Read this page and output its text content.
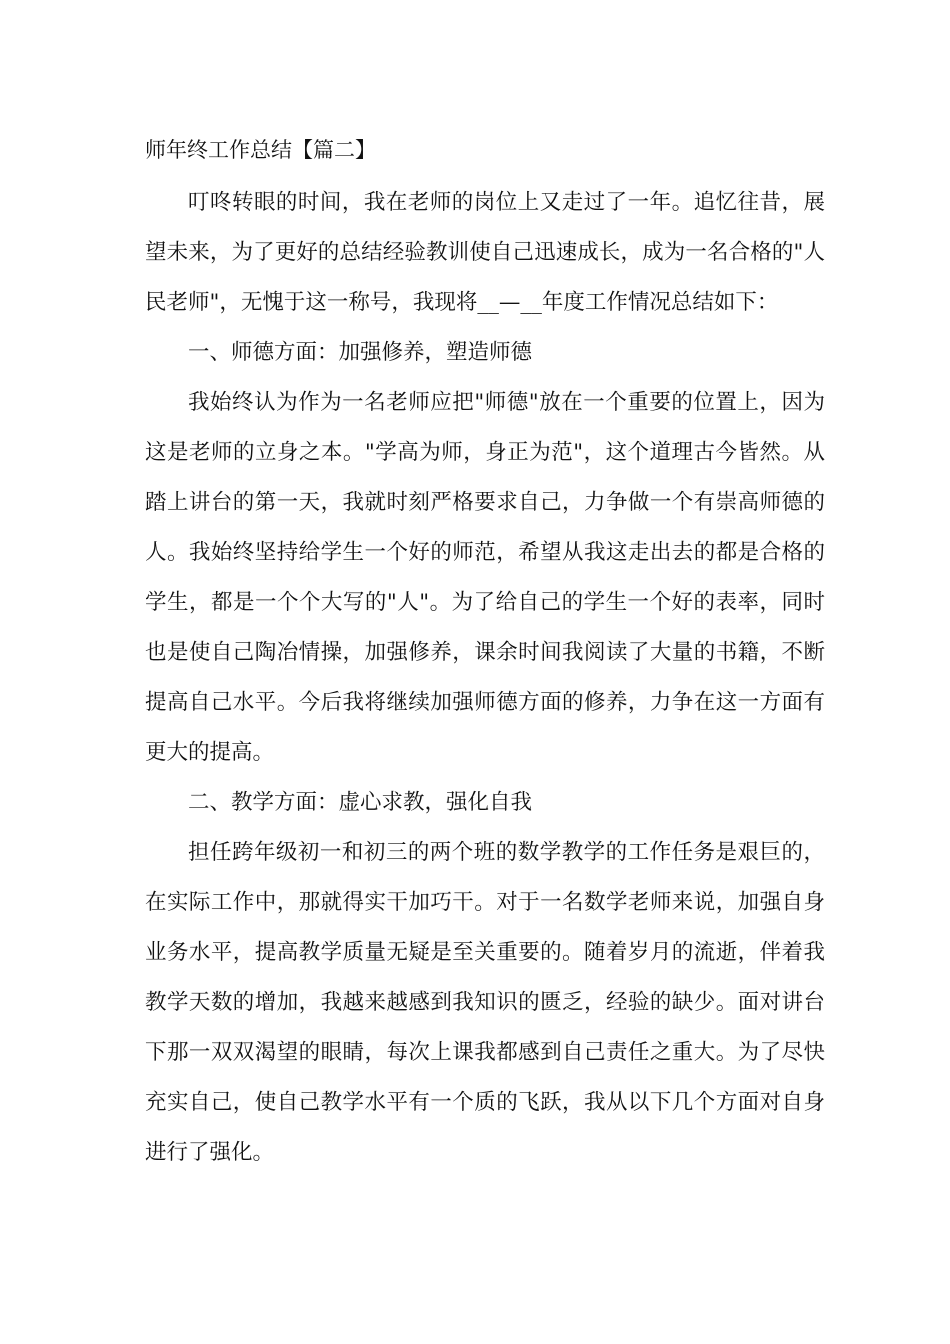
师年终工作总结【篇二】

叮咚转眼的时间，我在老师的岗位上又走过了一年。追忆往昔，展望未来，为了更好的总结经验教训使自己迅速成长，成为一名合格的"人民老师"，无愧于这一称号，我现将__—__年度工作情况总结如下：

一、师德方面：加强修养，塑造师德

我始终认为作为一名老师应把"师德"放在一个重要的位置上，因为这是老师的立身之本。"学高为师，身正为范"，这个道理古今皆然。从踏上讲台的第一天，我就时刻严格要求自己，力争做一个有崇高师德的人。我始终坚持给学生一个好的师范，希望从我这走出去的都是合格的学生，都是一个个大写的"人"。为了给自己的学生一个好的表率，同时也是使自己陶冶情操，加强修养，课余时间我阅读了大量的书籍，不断提高自己水平。今后我将继续加强师德方面的修养，力争在这一方面有更大的提高。

二、教学方面：虚心求教，强化自我

担任跨年级初一和初三的两个班的数学教学的工作任务是艰巨的，在实际工作中，那就得实干加巧干。对于一名数学老师来说，加强自身业务水平，提高教学质量无疑是至关重要的。随着岁月的流逝，伴着我教学天数的增加，我越来越感到我知识的匮乏，经验的缺少。面对讲台下那一双双渴望的眼睛，每次上课我都感到自己责任之重大。为了尽快充实自己，使自己教学水平有一个质的飞跃，我从以下几个方面对自身进行了强化。
